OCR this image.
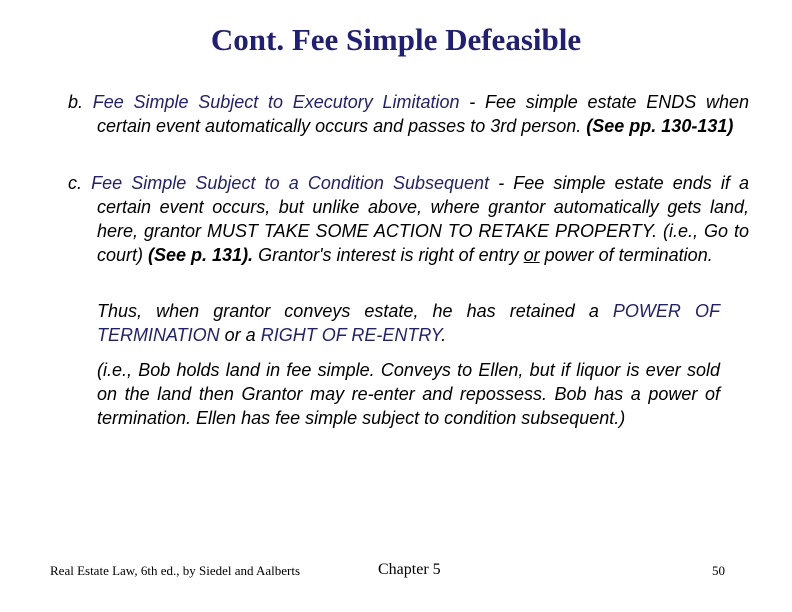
Cont. Fee Simple Defeasible
b. Fee Simple Subject to Executory Limitation - Fee simple estate ENDS when certain event automatically occurs and passes to 3rd person. (See pp. 130-131)
c. Fee Simple Subject to a Condition Subsequent - Fee simple estate ends if a certain event occurs, but unlike above, where grantor automatically gets land, here, grantor MUST TAKE SOME ACTION TO RETAKE PROPERTY. (i.e., Go to court) (See p. 131). Grantor's interest is right of entry or power of termination.
Thus, when grantor conveys estate, he has retained a POWER OF TERMINATION or a RIGHT OF RE-ENTRY.
(i.e., Bob holds land in fee simple. Conveys to Ellen, but if liquor is ever sold on the land then Grantor may re-enter and repossess. Bob has a power of termination. Ellen has fee simple subject to condition subsequent.)
Real Estate Law, 6th ed., by Siedel and Aalberts	Chapter 5	50
